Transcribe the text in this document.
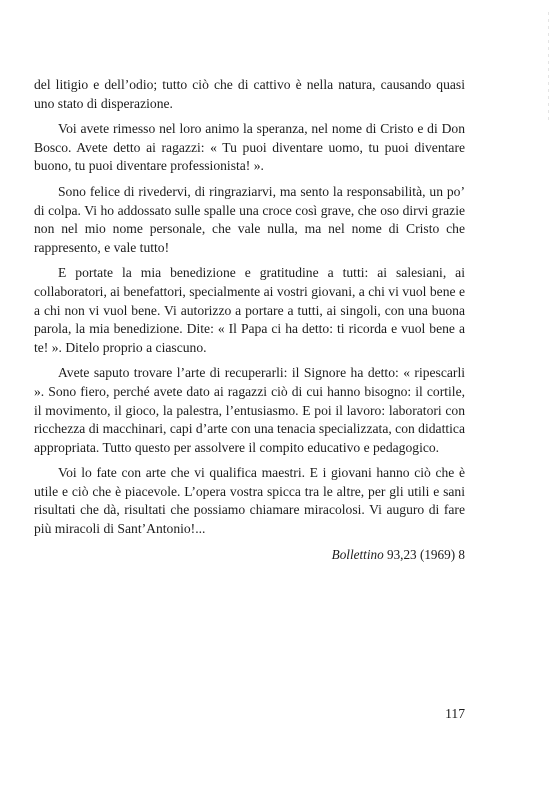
del litigio e dell’odio; tutto ciò che di cattivo è nella natura, causando quasi uno stato di disperazione.

Voi avete rimesso nel loro animo la speranza, nel nome di Cristo e di Don Bosco. Avete detto ai ragazzi: « Tu puoi diventare uomo, tu puoi diventare buono, tu puoi diventare professionista! ».

Sono felice di rivedervi, di ringraziarvi, ma sento la responsabilità, un po’ di colpa. Vi ho addossato sulle spalle una croce così grave, che oso dirvi grazie non nel mio nome personale, che vale nulla, ma nel nome di Cristo che rappresento, e vale tutto!

E portate la mia benedizione e gratitudine a tutti: ai salesiani, ai collaboratori, ai benefattori, specialmente ai vostri giovani, a chi vi vuol bene e a chi non vi vuol bene. Vi autorizzo a portare a tutti, ai singoli, con una buona parola, la mia benedizione. Dite: « Il Papa ci ha detto: ti ricorda e vuol bene a te! ». Ditelo proprio a ciascuno.

Avete saputo trovare l’arte di recuperarli: il Signore ha detto: « ripescarli ». Sono fiero, perché avete dato ai ragazzi ciò di cui hanno bisogno: il cortile, il movimento, il gioco, la palestra, l’entusiasmo. E poi il lavoro: laboratori con ricchezza di macchinari, capi d’arte con una tenacia specializzata, con didattica appropriata. Tutto questo per assolvere il compito educativo e pedagogico.

Voi lo fate con arte che vi qualifica maestri. E i giovani hanno ciò che è utile e ciò che è piacevole. L’opera vostra spicca tra le altre, per gli utili e sani risultati che dà, risultati che possiamo chiamare miracolosi. Vi auguro di fare più miracoli di Sant’Antonio!...

Bollettino 93,23 (1969) 8

117
